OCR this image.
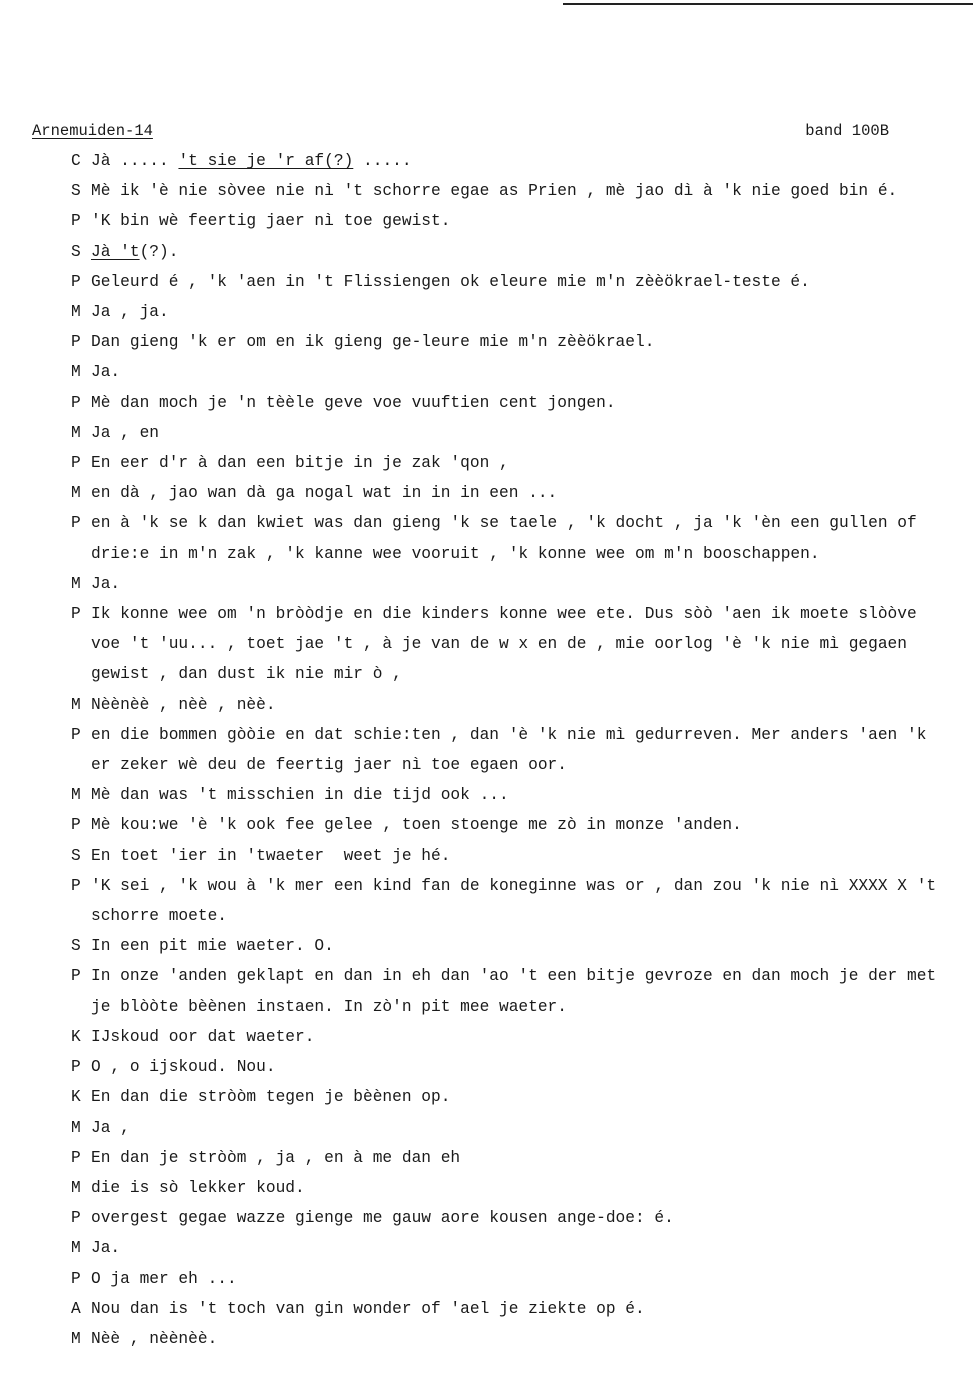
Arnemuiden-14	band 100B
C Jà ..... 't sie je 'r af(?) .....
S Mè ik 'è nie sòvee nie nì 't schorre egae as Prien , mè jao dì à 'k nie goed bin é.
P 'K bin wè feertig jaer nì toe gewist.
S Jà 't(?).
P Geleurd é , 'k 'aen in 't Flissiengen ok eleure mie m'n zèèökrael-teste é.
M Ja , ja.
P Dan gieng 'k er om en ik gieng ge-leure mie m'n zèèökrael.
M Ja.
P Mè dan moch je 'n tèèle geve voe vuuftien cent jongen.
M Ja , en
P En eer d'r à dan een bitje in je zak 'qon ,
M en dà , jao wan dà ga nogal wat in in in een ...
P en à 'k se k dan kwiet was dan gieng 'k se taele , 'k docht , ja 'k 'èn een gullen of drie:e in m'n zak , 'k kanne wee vooruit , 'k konne wee om m'n booschappen.
M Ja.
P Ik konne wee om 'n bròòdje en die kinders konne wee ete. Dus sòò 'aen ik moete slòòve voe 't 'uu... , toet jae 't , à je van de w x en de , mie oorlog 'è 'k nie mì gegaen gewist , dan dust ik nie mir ò ,
M Nèènèè , nèè , nèè.
P en die bommen gòòie en dat schie:ten , dan 'è 'k nie mì gedurreven. Mer anders 'aen 'k er zeker wè deu de feertig jaer nì toe egaen oor.
M Mè dan was 't misschien in die tijd ook ...
P Mè kou:we 'è 'k ook fee gelee , toen stoenge me zò in monze 'anden.
S En toet 'ier in 'twaeter  weet je hé.
P 'K sei , 'k wou à 'k mer een kind fan de koneginne was or , dan zou 'k nie nì XXXX X 't schorre moete.
S In een pit mie waeter. O.
P In onze 'anden geklapt en dan in eh dan 'ao 't een bitje gevroze en dan moch je der met je blòòte bèènen instaen. In zò'n pit mee waeter.
K IJskoud oor dat waeter.
P O , o ijskoud. Nou.
K En dan die stròòm tegen je bèènen op.
M Ja ,
P En dan je stròòm , ja , en à me dan eh
M die is sò lekker koud.
P overgest gegae wazze gienge me gauw aore kousen ange-doe: é.
M Ja.
P O ja mer eh ...
A Nou dan is 't toch van gin wonder of 'ael je ziekte op é.
M Nèè , nèènèè.
